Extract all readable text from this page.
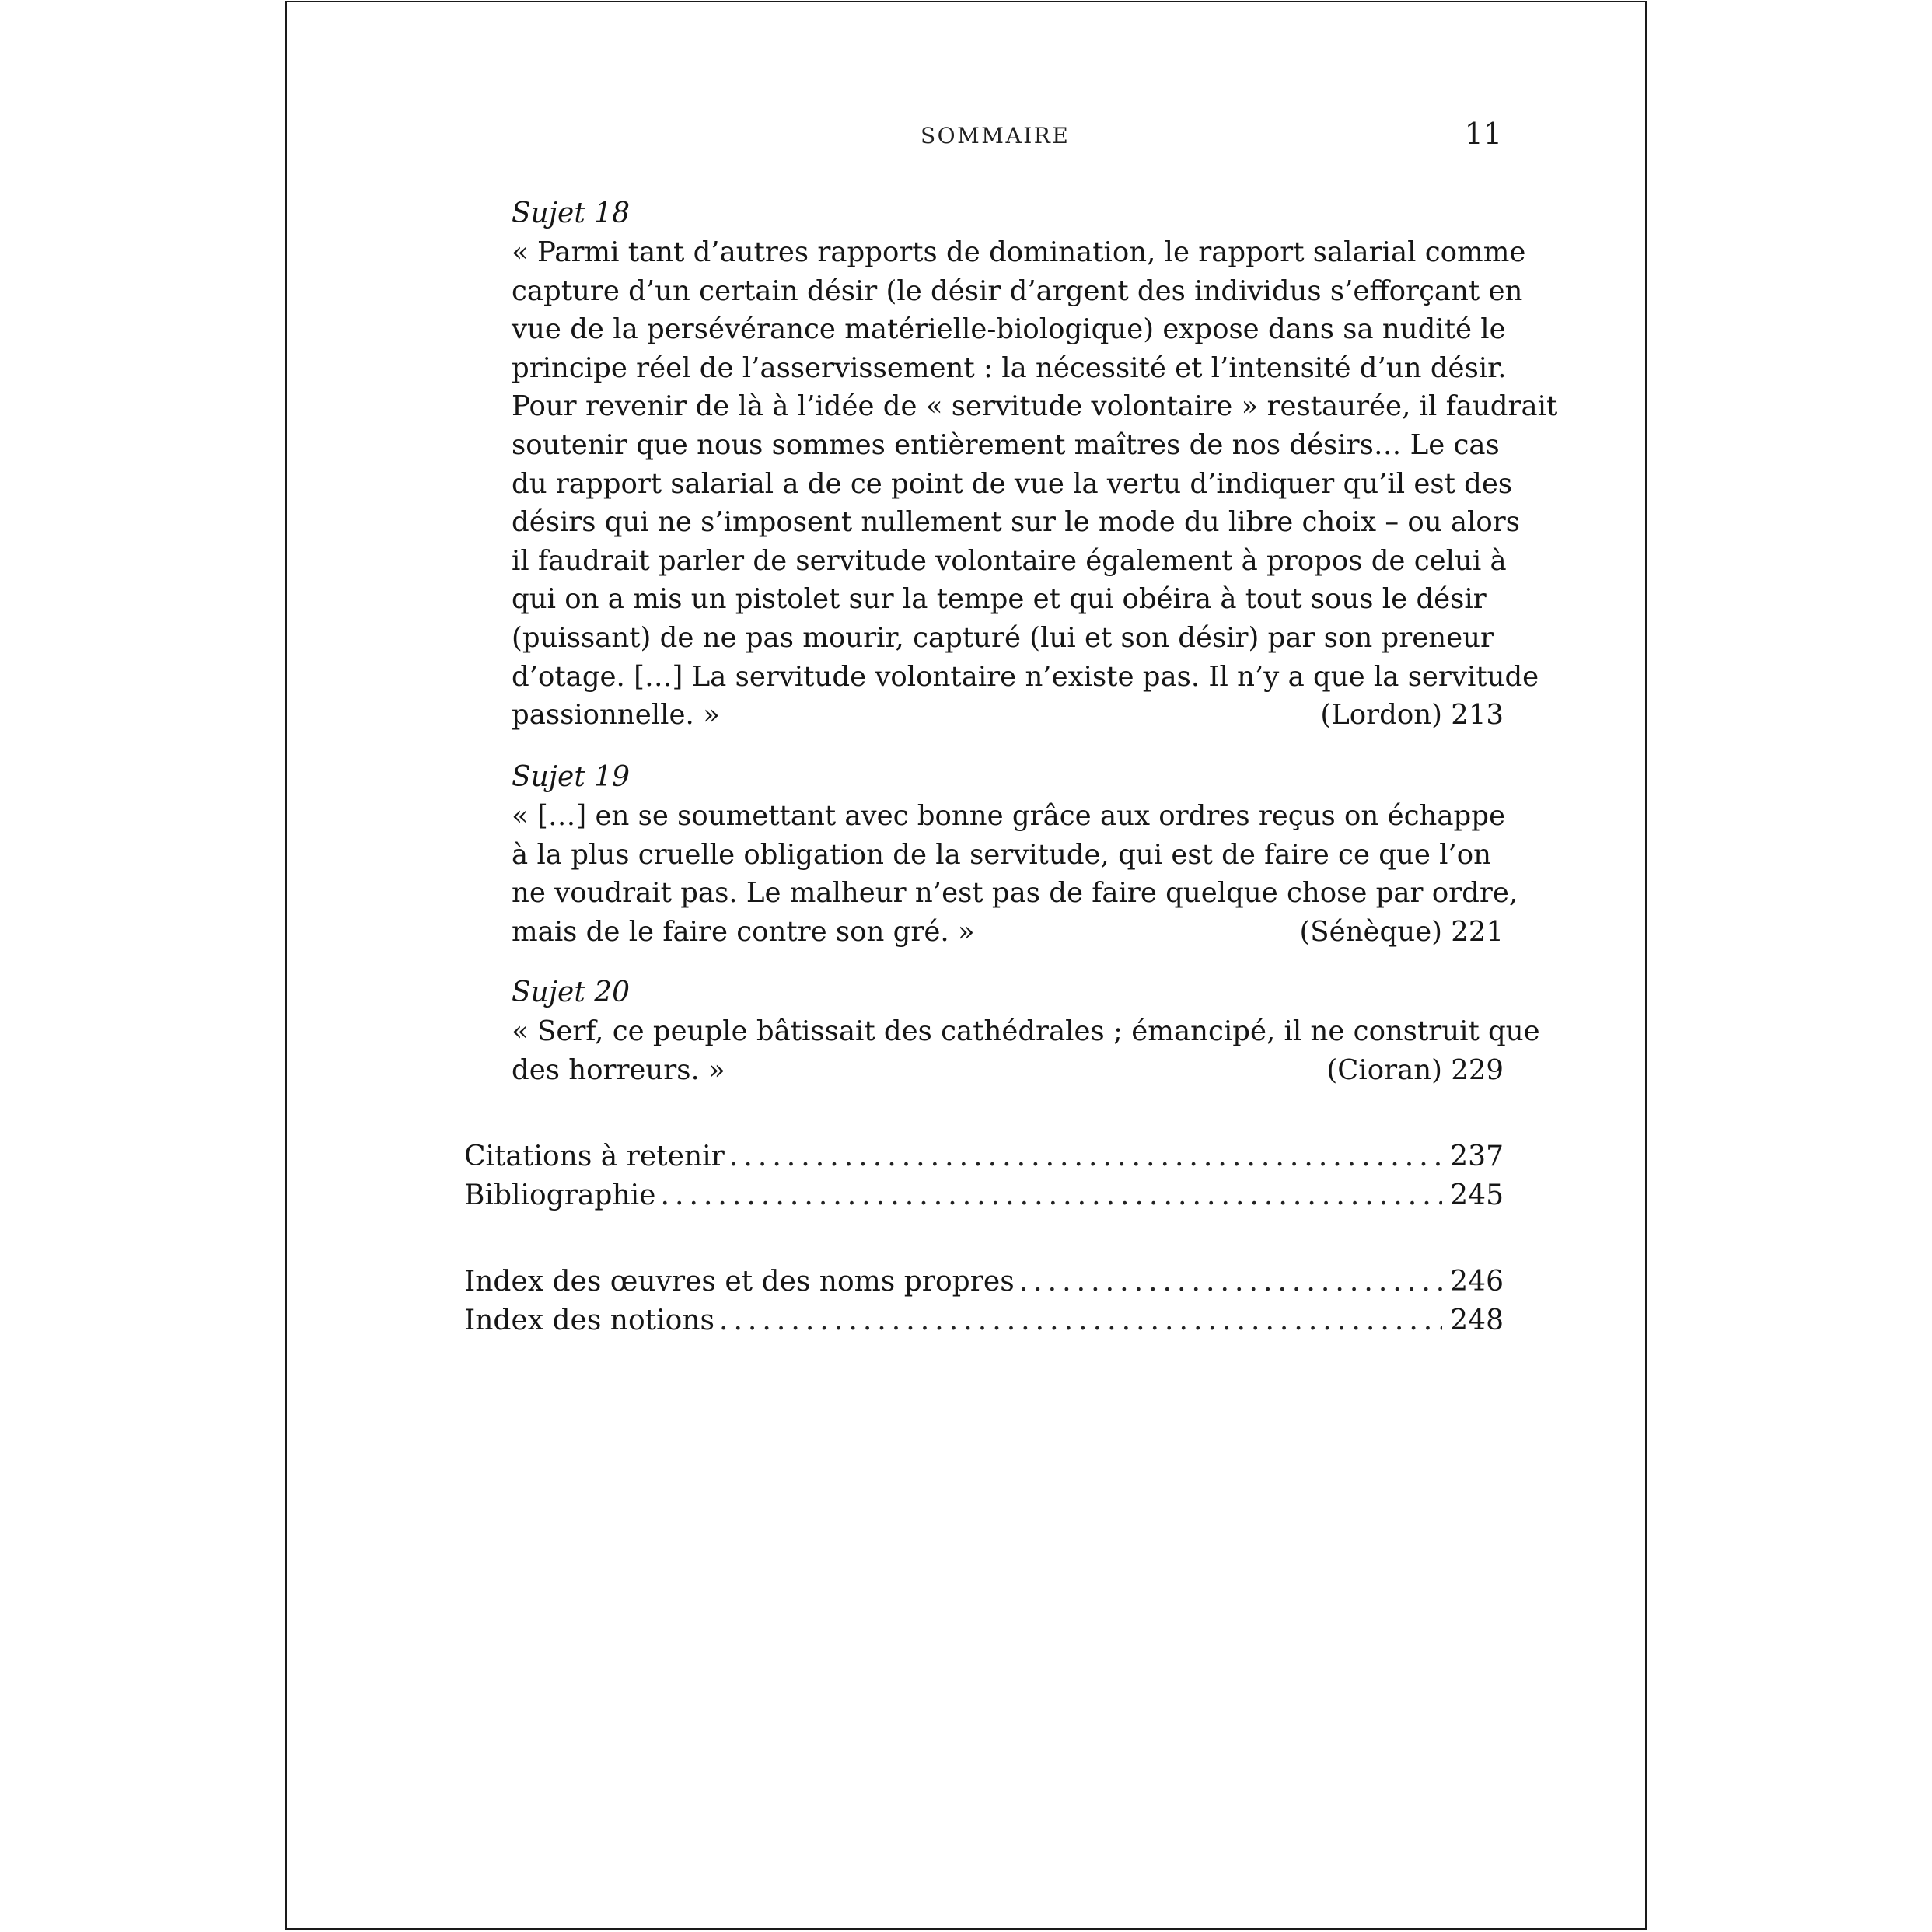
SOMMAIRE	11
Sujet 18
« Parmi tant d’autres rapports de domination, le rapport salarial comme
capture d’un certain désir (le désir d’argent des individus s’efforçant en
vue de la persévérance matérielle-biologique) expose dans sa nudité le
principe réel de l’asservissement : la nécessité et l’intensité d’un désir.
Pour revenir de là à l’idée de « servitude volontaire » restaurée, il faudrait
soutenir que nous sommes entièrement maîtres de nos désirs… Le cas
du rapport salarial a de ce point de vue la vertu d’indiquer qu’il est des
désirs qui ne s’imposent nullement sur le mode du libre choix – ou alors
il faudrait parler de servitude volontaire également à propos de celui à
qui on a mis un pistolet sur la tempe et qui obéira à tout sous le désir
(puissant) de ne pas mourir, capturé (lui et son désir) par son preneur
d’otage. […] La servitude volontaire n’existe pas. Il n’y a que la servitude
passionnelle. »	(Lordon) 213
Sujet 19
« […] en se soumettant avec bonne grâce aux ordres reçus on échappe
à la plus cruelle obligation de la servitude, qui est de faire ce que l’on
ne voudrait pas. Le malheur n’est pas de faire quelque chose par ordre,
mais de le faire contre son gré. »	(Sénèque) 221
Sujet 20
« Serf, ce peuple bâtissait des cathédrales ; émancipé, il ne construit que
des horreurs. »	(Cioran) 229
Citations à retenir . . .	237
Bibliographie . . .	245
Index des œuvres et des noms propres . . .	246
Index des notions . . .	248
